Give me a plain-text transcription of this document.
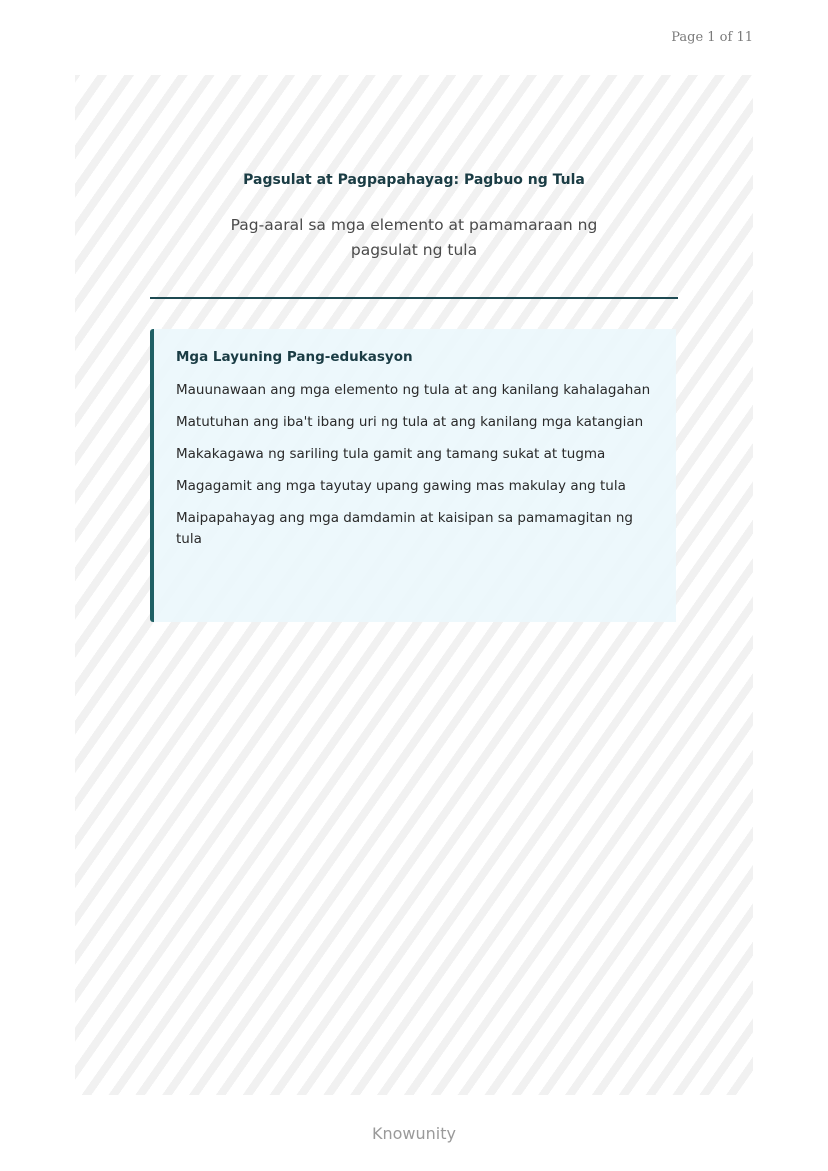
Page 1 of 11
Pagsulat at Pagpapahayag: Pagbuo ng Tula

Pag-aaral sa mga elemento at pamamaraan ng pagsulat ng tula

Mga Layuning Pang-edukasyon
Mauunawaan ang mga elemento ng tula at ang kanilang kahalagahan
Matutuhan ang iba't ibang uri ng tula at ang kanilang mga katangian
Makakagawa ng sariling tula gamit ang tamang sukat at tugma
Magagamit ang mga tayutay upang gawing mas makulay ang tula
Maipapahayag ang mga damdamin at kaisipan sa pamamagitan ng tula
Knowunity
